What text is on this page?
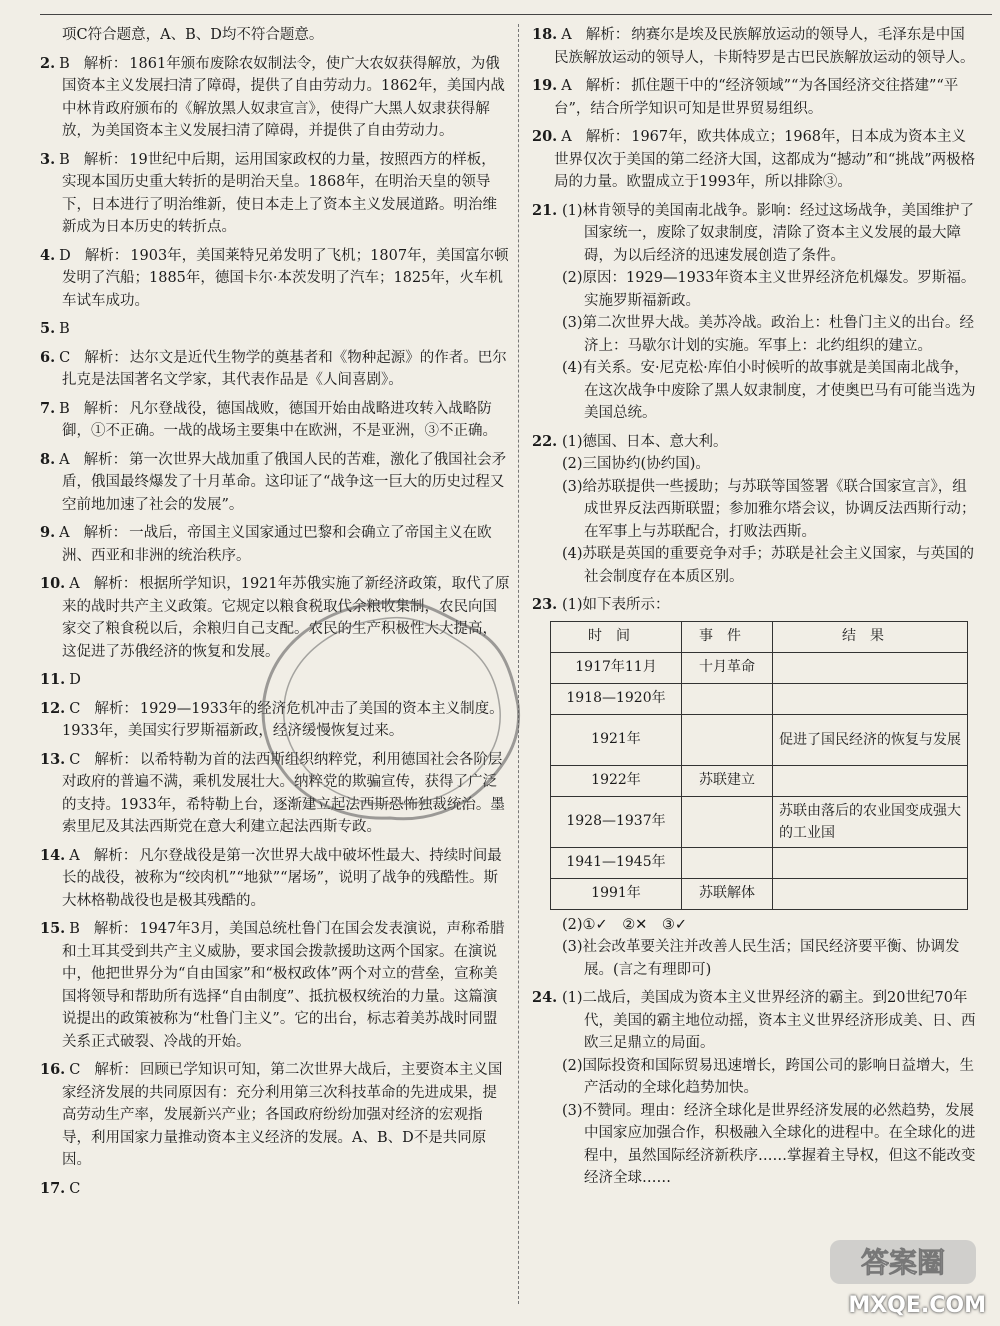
项C符合题意，A、B、D均不符合题意。

2. B 解析： 1861年颁布废除农奴制法令，使广大农奴获得解放，为俄国资本主义发展扫清了障碍，提供了自由劳动力。1862年，美国内战中林肯政府颁布的《解放黑人奴隶宣言》，使得广大黑人奴隶获得解放，为美国资本主义发展扫清了障碍，并提供了自由劳动力。

3. B 解析： 19世纪中后期，运用国家政权的力量，按照西方的样板，实现本国历史重大转折的是明治天皇。1868年，在明治天皇的领导下，日本进行了明治维新，使日本走上了资本主义发展道路。明治维新成为日本历史的转折点。

4. D 解析： 1903年，美国莱特兄弟发明了飞机；1807年，美国富尔顿发明了汽船；1885年，德国卡尔·本茨发明了汽车；1825年，火车机车试车成功。

5. B

6. C 解析： 达尔文是近代生物学的奠基者和《物种起源》的作者。巴尔扎克是法国著名文学家，其代表作品是《人间喜剧》。

7. B 解析： 凡尔登战役，德国战败，德国开始由战略进攻转入战略防御，①不正确。一战的战场主要集中在欧洲，不是亚洲，③不正确。

8. A 解析： 第一次世界大战加重了俄国人民的苦难，激化了俄国社会矛盾，俄国最终爆发了十月革命。这印证了“战争这一巨大的历史过程又空前地加速了社会的发展”。

9. A 解析： 一战后，帝国主义国家通过巴黎和会确立了帝国主义在欧洲、西亚和非洲的统治秩序。

10. A 解析： 根据所学知识，1921年苏俄实施了新经济政策，取代了原来的战时共产主义政策。它规定以粮食税取代余粮收集制，农民向国家交了粮食税以后，余粮归自己支配。农民的生产积极性大大提高，这促进了苏俄经济的恢复和发展。

11. D

12. C 解析： 1929—1933年的经济危机冲击了美国的资本主义制度。1933年，美国实行罗斯福新政，经济缓慢恢复过来。

13. C 解析： 以希特勒为首的法西斯组织纳粹党，利用德国社会各阶层对政府的普遍不满，乘机发展壮大。纳粹党的欺骗宣传，获得了广泛的支持。1933年，希特勒上台，逐渐建立起法西斯恐怖独裁统治。墨索里尼及其法西斯党在意大利建立起法西斯专政。

14. A 解析： 凡尔登战役是第一次世界大战中破坏性最大、持续时间最长的战役，被称为“绞肉机”“地狱”“屠场”，说明了战争的残酷性。斯大林格勒战役也是极其残酷的。

15. B 解析： 1947年3月，美国总统杜鲁门在国会发表演说，声称希腊和土耳其受到共产主义威胁，要求国会拨款援助这两个国家。在演说中，他把世界分为“自由国家”和“极权政体”两个对立的营垒，宣称美国将领导和帮助所有选择“自由制度”、抵抗极权统治的力量。这篇演说提出的政策被称为“杜鲁门主义”。它的出台，标志着美苏战时同盟关系正式破裂、冷战的开始。

16. C 解析： 回顾已学知识可知，第二次世界大战后，主要资本主义国家经济发展的共同原因有：充分利用第三次科技革命的先进成果，提高劳动生产率，发展新兴产业；各国政府纷纷加强对经济的宏观指导，利用国家力量推动资本主义经济的发展。A、B、D不是共同原因。

17. C

18. A 解析： 纳赛尔是埃及民族解放运动的领导人，毛泽东是中国民族解放运动的领导人，卡斯特罗是古巴民族解放运动的领导人。

19. A 解析： 抓住题干中的“经济领域”“为各国经济交往搭建”“平台”，结合所学知识可知是世界贸易组织。

20. A 解析： 1967年，欧共体成立；1968年，日本成为资本主义世界仅次于美国的第二经济大国，这都成为“撼动”和“挑战”两极格局的力量。欧盟成立于1993年，所以排除③。

21. (1)林肯领导的美国南北战争。影响：经过这场战争，美国维护了国家统一，废除了奴隶制度，清除了资本主义发展的最大障碍，为以后经济的迅速发展创造了条件。

(2)原因：1929—1933年资本主义世界经济危机爆发。罗斯福。实施罗斯福新政。

(3)第二次世界大战。美苏冷战。政治上：杜鲁门主义的出台。经济上：马歇尔计划的实施。军事上：北约组织的建立。

(4)有关系。安·尼克松·库伯小时候听的故事就是美国南北战争，在这次战争中废除了黑人奴隶制度，才使奥巴马有可能当选为美国总统。

22. (1)德国、日本、意大利。

(2)三国协约(协约国)。

(3)给苏联提供一些援助；与苏联等国签署《联合国家宣言》，组成世界反法西斯联盟；参加雅尔塔会议，协调反法西斯行动；在军事上与苏联配合，打败法西斯。

(4)苏联是英国的重要竞争对手；苏联是社会主义国家，与英国的社会制度存在本质区别。

23. (1)如下表所示：

时间	事件	结果
1917年11月	十月革命	
1918—1920年		
1921年		促进了国民经济的恢复与发展
1922年	苏联建立	
1928—1937年		苏联由落后的农业国变成强大的工业国
1941—1945年		
1991年	苏联解体	

(2)①✓　②✕　③✓

(3)社会改革要关注并改善人民生活；国民经济要平衡、协调发展。(言之有理即可)

24. (1)二战后，美国成为资本主义世界经济的霸主。到20世纪70年代，美国的霸主地位动摇，资本主义世界经济形成美、日、西欧三足鼎立的局面。

(2)国际投资和国际贸易迅速增长，跨国公司的影响日益增大，生产活动的全球化趋势加快。

(3)不赞同。理由：经济全球化是世界经济发展的必然趋势，发展中国家应加强合作，积极融入全球化的进程中。在全球化的进程中，虽然国际经济新秩序……掌握着主导权，但这不能改变经济全球……

答案圈
MXQE.COM
